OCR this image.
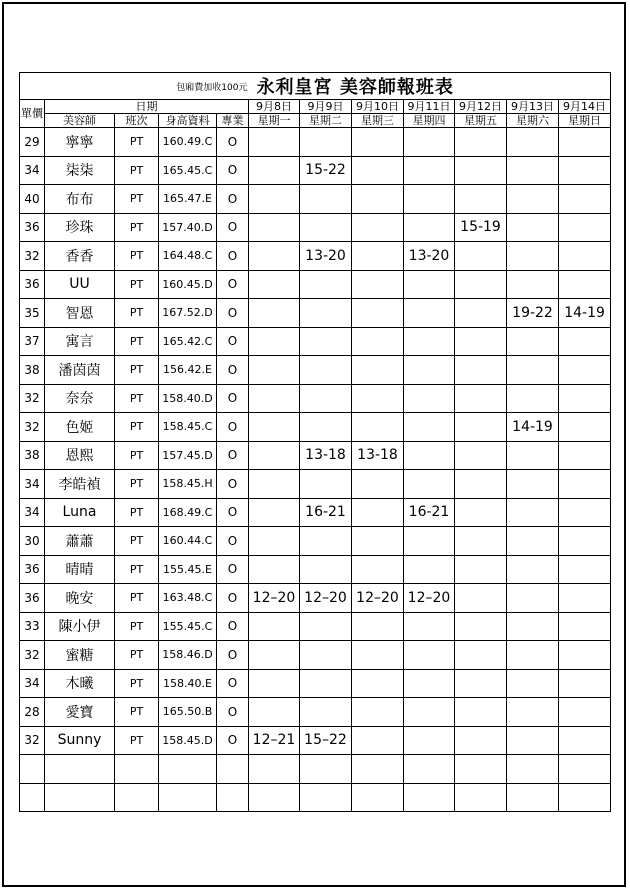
包廂費加收100元 永利皇宮 美容師報班表											
單價	日期				9月8日	9月9日	9月10日	9月11日	9月12日	9月13日	9月14日
	美容師	班次	身高資料	專業	星期一	星期二	星期三	星期四	星期五	星期六	星期日
29	寧寧	PT	160.49.C	O							
34	柒柒	PT	165.45.C	O		15-22					
40	布布	PT	165.47.E	O							
36	珍珠	PT	157.40.D	O					15-19		
32	香香	PT	164.48.C	O		13-20		13-20			
36	UU	PT	160.45.D	O							
35	智恩	PT	167.52.D	O						19-22	14-19
37	寓言	PT	165.42.C	O							
38	潘茵茵	PT	156.42.E	O							
32	奈奈	PT	158.40.D	O							
32	色姬	PT	158.45.C	O						14-19	
38	恩熙	PT	157.45.D	O		13-18	13-18				
34	李皓禎	PT	158.45.H	O							
34	Luna	PT	168.49.C	O		16-21		16-21			
30	蕭蕭	PT	160.44.C	O							
36	晴晴	PT	155.45.E	O							
36	晚安	PT	163.48.C	O	12–20	12–20	12–20	12–20			
33	陳小伊	PT	155.45.C	O							
32	蜜糖	PT	158.46.D	O							
34	木曦	PT	158.40.E	O							
28	愛寶	PT	165.50.B	O							
32	Sunny	PT	158.45.D	O	12–21	15–22					
